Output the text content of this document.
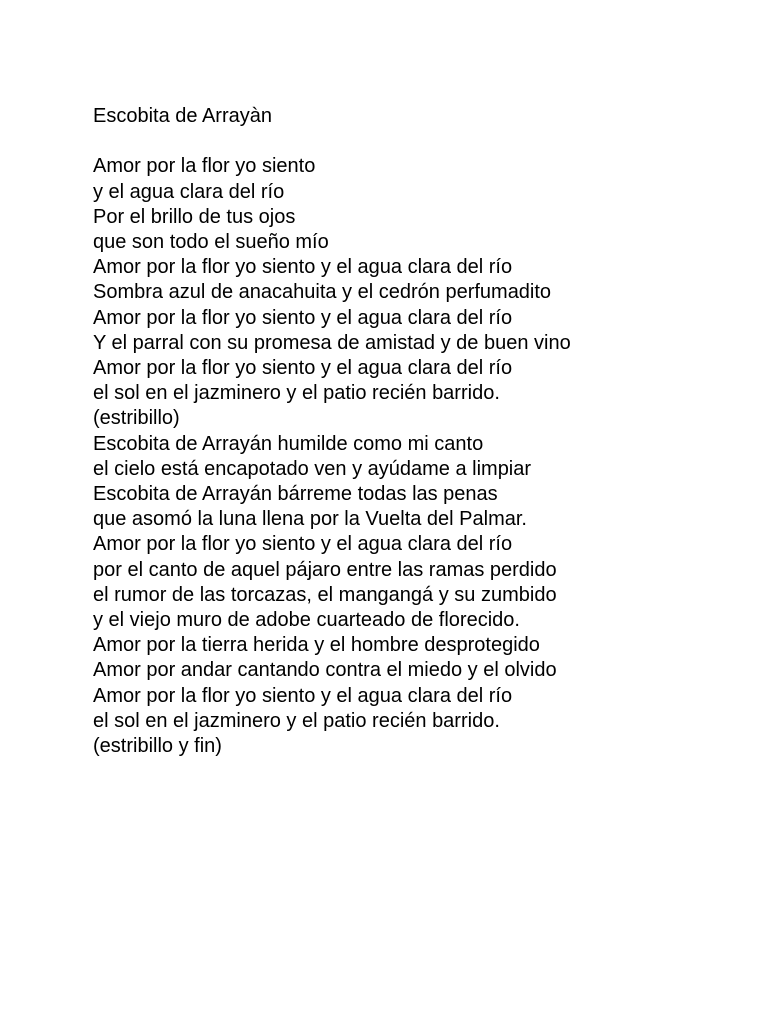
Escobita de Arrayàn
Amor por la flor yo siento
y el agua clara del río
Por el brillo de tus ojos
que son todo el sueño mío
Amor por la flor yo siento y el agua clara del río
Sombra azul de anacahuita y el cedrón perfumadito
Amor por la flor yo siento y el agua clara del río
Y el parral con su promesa de amistad y de buen vino
Amor por la flor yo siento y el agua clara del río
el sol en el jazminero y el patio recién barrido.
(estribillo)
Escobita de Arrayán humilde como mi canto
el cielo está encapotado ven y ayúdame a limpiar
Escobita de Arrayán bárreme todas las penas
que asomó la luna llena por la Vuelta del Palmar.
Amor por la flor yo siento y el agua clara del río
por el canto de aquel pájaro entre las ramas perdido
el rumor de las torcazas, el mangangá y su zumbido
y el viejo muro de adobe cuarteado de florecido.
Amor por la tierra herida y el hombre desprotegido
Amor por andar cantando contra el miedo y el olvido
Amor por la flor yo siento y el agua clara del río
el sol en el jazminero y el patio recién barrido.
(estribillo y fin)
